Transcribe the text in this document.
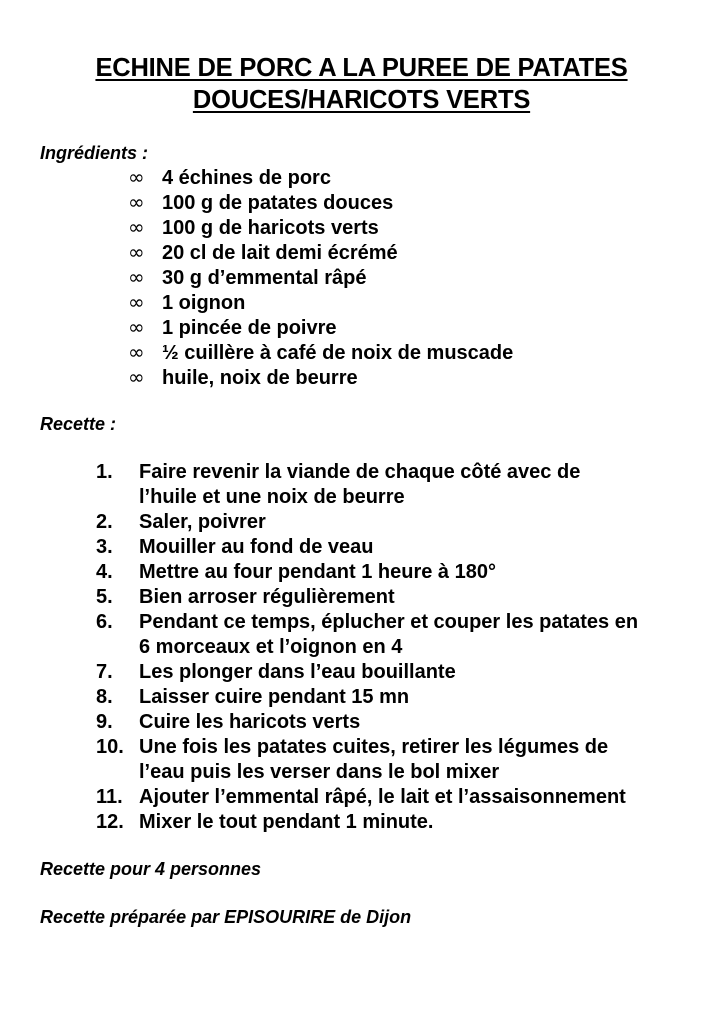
ECHINE DE PORC A LA PUREE DE PATATES
DOUCES/HARICOTS VERTS
Ingrédients :
∞ 4 échines de porc
∞ 100 g de patates douces
∞ 100 g de haricots verts
∞ 20 cl de lait demi écrémé
∞ 30 g d’emmental râpé
∞ 1 oignon
∞ 1 pincée de poivre
∞ ½ cuillère à café de noix de muscade
∞ huile, noix de beurre
Recette :
1.	Faire revenir la viande de chaque côté avec de
l’huile et une noix de beurre
2.	Saler, poivrer
3.	Mouiller au fond de veau
4.	Mettre au four pendant 1 heure à 180°
5.	Bien arroser régulièrement
6.	Pendant ce temps, éplucher et couper les patates en
6 morceaux et l’oignon en 4
7.	Les plonger dans l’eau bouillante
8.	Laisser cuire pendant 15 mn
9.	Cuire les haricots verts
10. Une fois les patates cuites, retirer les légumes de
l’eau puis les verser dans le bol mixer
11. Ajouter l’emmental râpé, le lait et l’assaisonnement
12. Mixer le tout pendant 1 minute.
Recette pour 4 personnes
Recette préparée par EPISOURIRE de Dijon
